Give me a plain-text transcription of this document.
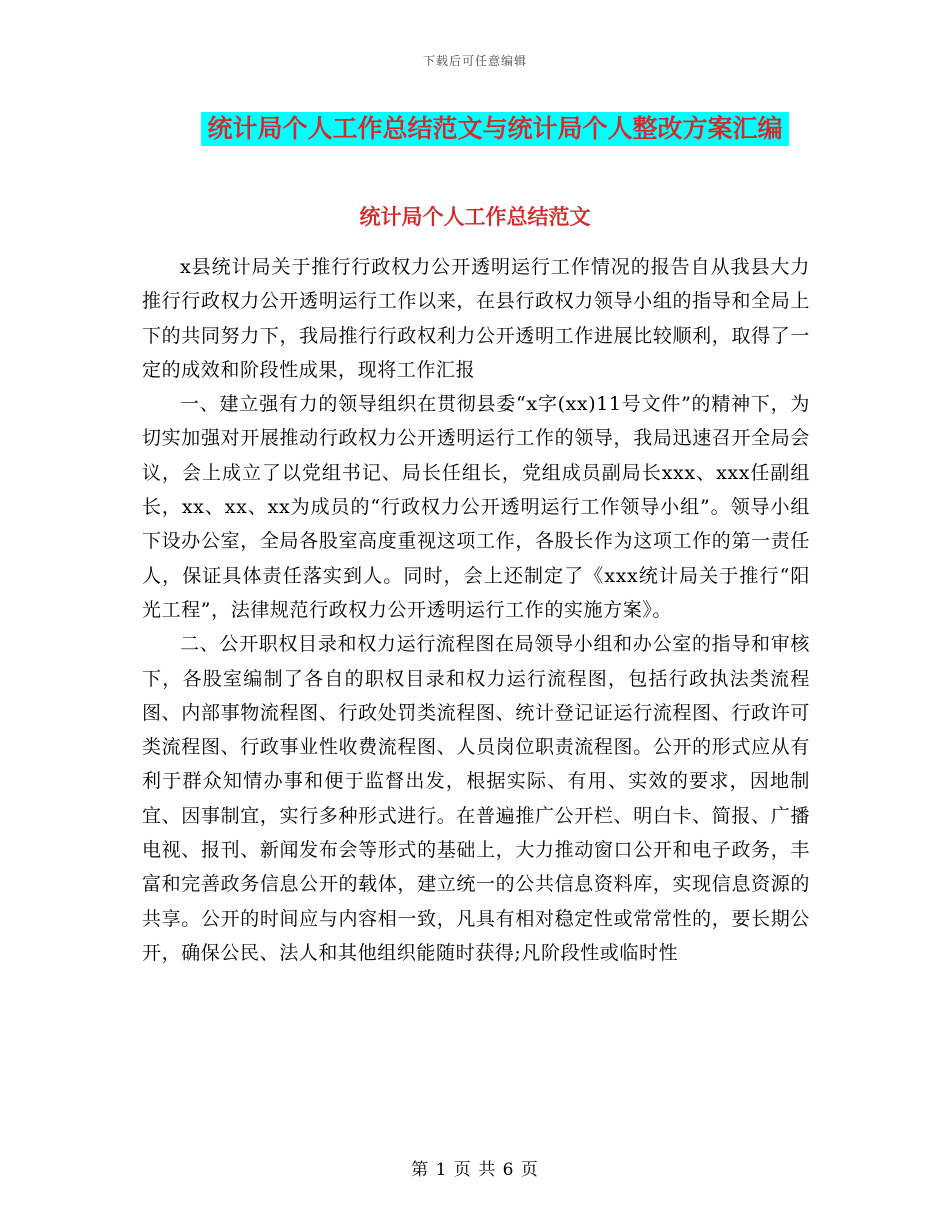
下载后可任意编辑
统计局个人工作总结范文与统计局个人整改方案汇编
统计局个人工作总结范文

x县统计局关于推行行政权力公开透明运行工作情况的报告自从我县大力推行行政权力公开透明运行工作以来，在县行政权力领导小组的指导和全局上下的共同努力下，我局推行行政权利力公开透明工作进展比较顺利，取得了一定的成效和阶段性成果，现将工作汇报

一、建立强有力的领导组织在贯彻县委“x字(xx)11号文件”的精神下，为切实加强对开展推动行政权力公开透明运行工作的领导，我局迅速召开全局会议，会上成立了以党组书记、局长任组长，党组成员副局长xxx、xxx任副组长，xx、xx、xx为成员的“行政权力公开透明运行工作领导小组”。领导小组下设办公室，全局各股室高度重视这项工作，各股长作为这项工作的第一责任人，保证具体责任落实到人。同时，会上还制定了《xxx统计局关于推行“阳光工程”，法律规范行政权力公开透明运行工作的实施方案》。

二、公开职权目录和权力运行流程图在局领导小组和办公室的指导和审核下，各股室编制了各自的职权目录和权力运行流程图，包括行政执法类流程图、内部事物流程图、行政处罚类流程图、统计登记证运行流程图、行政许可类流程图、行政事业性收费流程图、人员岗位职责流程图。公开的形式应从有利于群众知情办事和便于监督出发，根据实际、有用、实效的要求，因地制宜、因事制宜，实行多种形式进行。在普遍推广公开栏、明白卡、简报、广播电视、报刊、新闻发布会等形式的基础上，大力推动窗口公开和电子政务，丰富和完善政务信息公开的载体，建立统一的公共信息资料库，实现信息资源的共享。公开的时间应与内容相一致，凡具有相对稳定性或常常性的，要长期公开，确保公民、法人和其他组织能随时获得;凡阶段性或临时性

第 1 页 共 6 页
